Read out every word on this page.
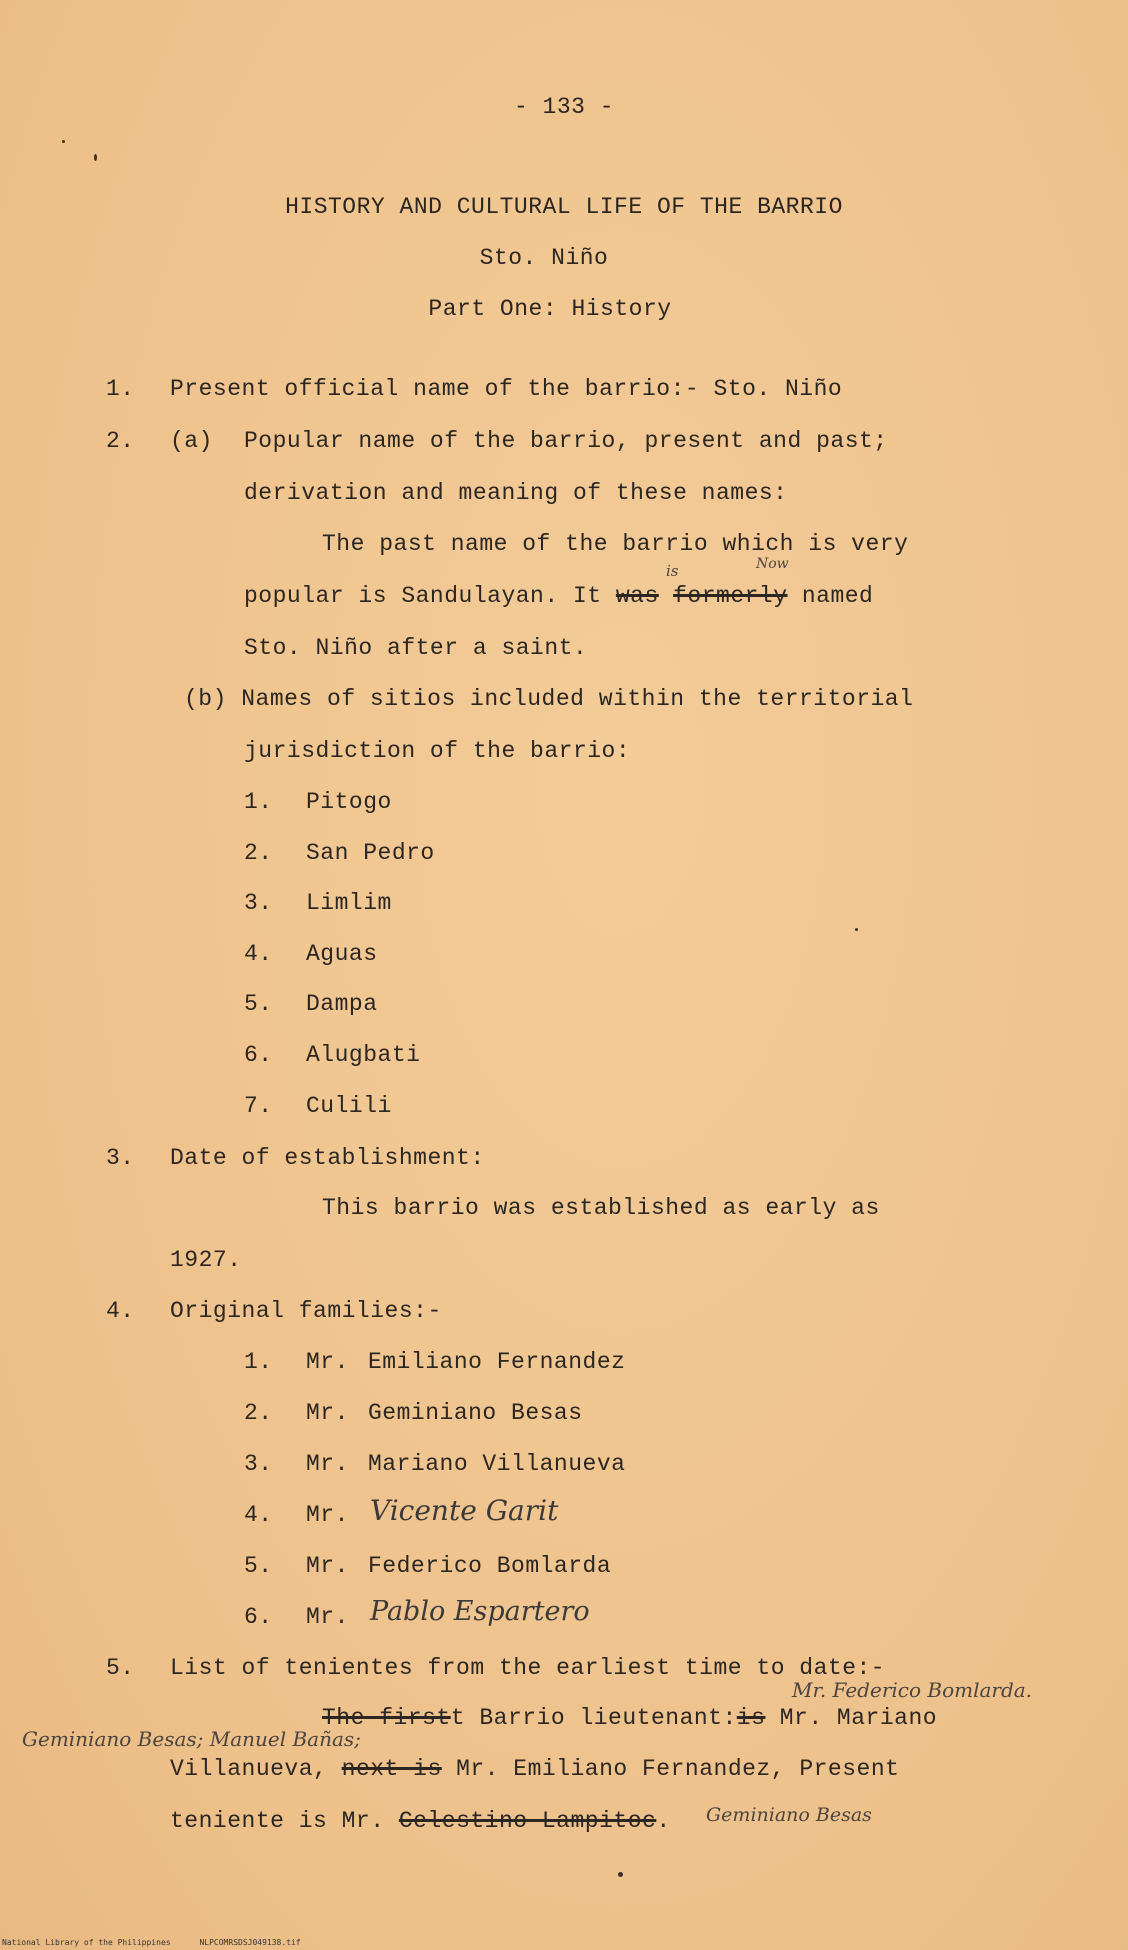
- 133 -
HISTORY AND CULTURAL LIFE OF THE BARRIO
Sto. Niño
Part One: History
1. Present official name of the barrio:- Sto. Niño
2. (a) Popular name of the barrio, present and past;
derivation and meaning of these names:
The past name of the barrio which is very
popular is Sandulayan. It was formerly named
is	Now
Sto. Niño after a saint.
(b) Names of sitios included within the territorial
jurisdiction of the barrio:
1. Pitogo
2. San Pedro
3. Limlim
4. Aguas
5. Dampa
6. Alugbati
7. Culili
3. Date of establishment:
This barrio was established as early as
1927.
4. Original families:-
1. Mr. Emiliano Fernandez
2. Mr. Geminiano Besas
3. Mr. Mariano Villanueva
4. Mr. Vicente Garit
5. Mr. Federico Bomlarda
6. Mr. Pablo Espartero
5. List of tenientes from the earliest time to date:-
Mr. Federico Bomlarda.
The firstt Barrio lieutenant:is Mr. Mariano
Geminiano Besas; Manuel Bañas;
Villanueva, next is Mr. Emiliano Fernandez, Present
teniente is Mr. Celestino Lampitoc. Geminiano Besas
National Library of the Philippines      NLPCOMRSDSJ049138.tif
